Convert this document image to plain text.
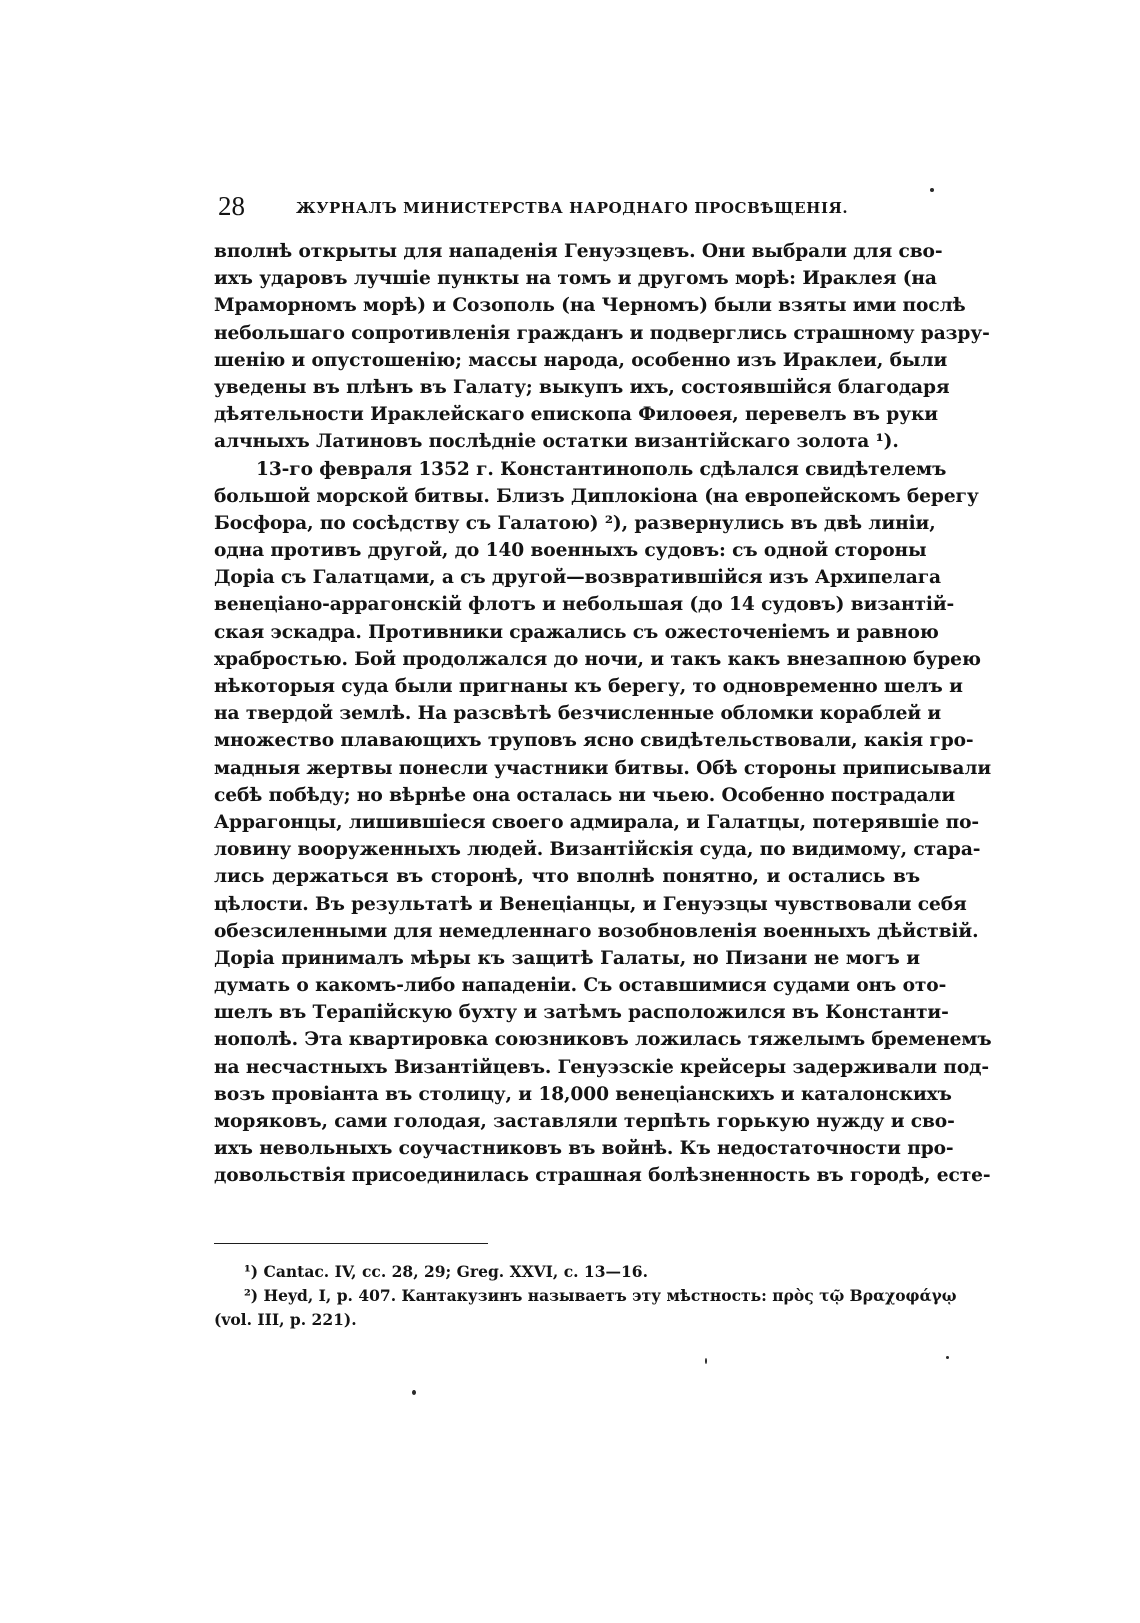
28	ЖУРНАЛЪ МИНИСТЕРСТВА НАРОДНАГО ПРОСВѢЩЕНІЯ.
вполнѣ открыты для нападенія Генуэзцевъ. Они выбрали для сво-
ихъ ударовъ лучшіе пункты на томъ и другомъ морѣ: Ираклея (на
Мраморномъ морѣ) и Созополь (на Черномъ) были взяты ими послѣ
небольшаго сопротивленія гражданъ и подверглись страшному разру-
шенію и опустошенію; массы народа, особенно изъ Ираклеи, были
уведены въ плѣнъ въ Галату; выкупъ ихъ, состоявшійся благодаря
дѣятельности Ираклейскаго епископа Филоѳея, перевелъ въ руки
алчныхъ Латиновъ послѣдніе остатки византійскаго золота ¹).
13-го февраля 1352 г. Константинополь сдѣлался свидѣтелемъ
большой морской битвы. Близъ Диплокіона (на европейскомъ берегу
Босфора, по сосѣдству съ Галатою) ²), развернулись въ двѣ линіи,
одна противъ другой, до 140 военныхъ судовъ: съ одной стороны
Доріа съ Галатцами, а съ другой—возвратившійся изъ Архипелага
венеціано-аррагонскій флотъ и небольшая (до 14 судовъ) византій-
ская эскадра. Противники сражались съ ожесточеніемъ и равною
храбростью. Бой продолжался до ночи, и такъ какъ внезапною бурею
нѣкоторыя суда были пригнаны къ берегу, то одновременно шелъ и
на твердой землѣ. На разсвѣтѣ безчисленные обломки кораблей и
множество плавающихъ труповъ ясно свидѣтельствовали, какія гро-
мадныя жертвы понесли участники битвы. Обѣ стороны приписывали
себѣ побѣду; но вѣрнѣе она осталась ни чьею. Особенно пострадали
Аррагонцы, лишившіеся своего адмирала, и Галатцы, потерявшіе по-
ловину вооруженныхъ людей. Византійскія суда, по видимому, стара-
лись держаться въ сторонѣ, что вполнѣ понятно, и остались въ
цѣлости. Въ результатѣ и Венеціанцы, и Генуэзцы чувствовали себя
обезсиленными для немедленнаго возобновленія военныхъ дѣйствій.
Доріа принималъ мѣры къ защитѣ Галаты, но Пизани не могъ и
думать о какомъ-либо нападеніи. Съ оставшимися судами онъ ото-
шелъ въ Терапійскую бухту и затѣмъ расположился въ Константи-
нополѣ. Эта квартировка союзниковъ ложилась тяжелымъ бременемъ
на несчастныхъ Византійцевъ. Генуэзскіе крейсеры задерживали под-
возъ провіанта въ столицу, и 18,000 венеціанскихъ и каталонскихъ
моряковъ, сами голодая, заставляли терпѣть горькую нужду и сво-
ихъ невольныхъ соучастниковъ въ войнѣ. Къ недостаточности про-
довольствія присоединилась страшная болѣзненность въ городѣ, есте-
¹) Cantac. IV, cc. 28, 29; Greg. XXVI, c. 13—16.
²) Heyd, I, p. 407. Кантакузинъ называетъ эту мѣстность: πρὸς τῷ Βραχοφάγῳ
(vol. III, p. 221).
